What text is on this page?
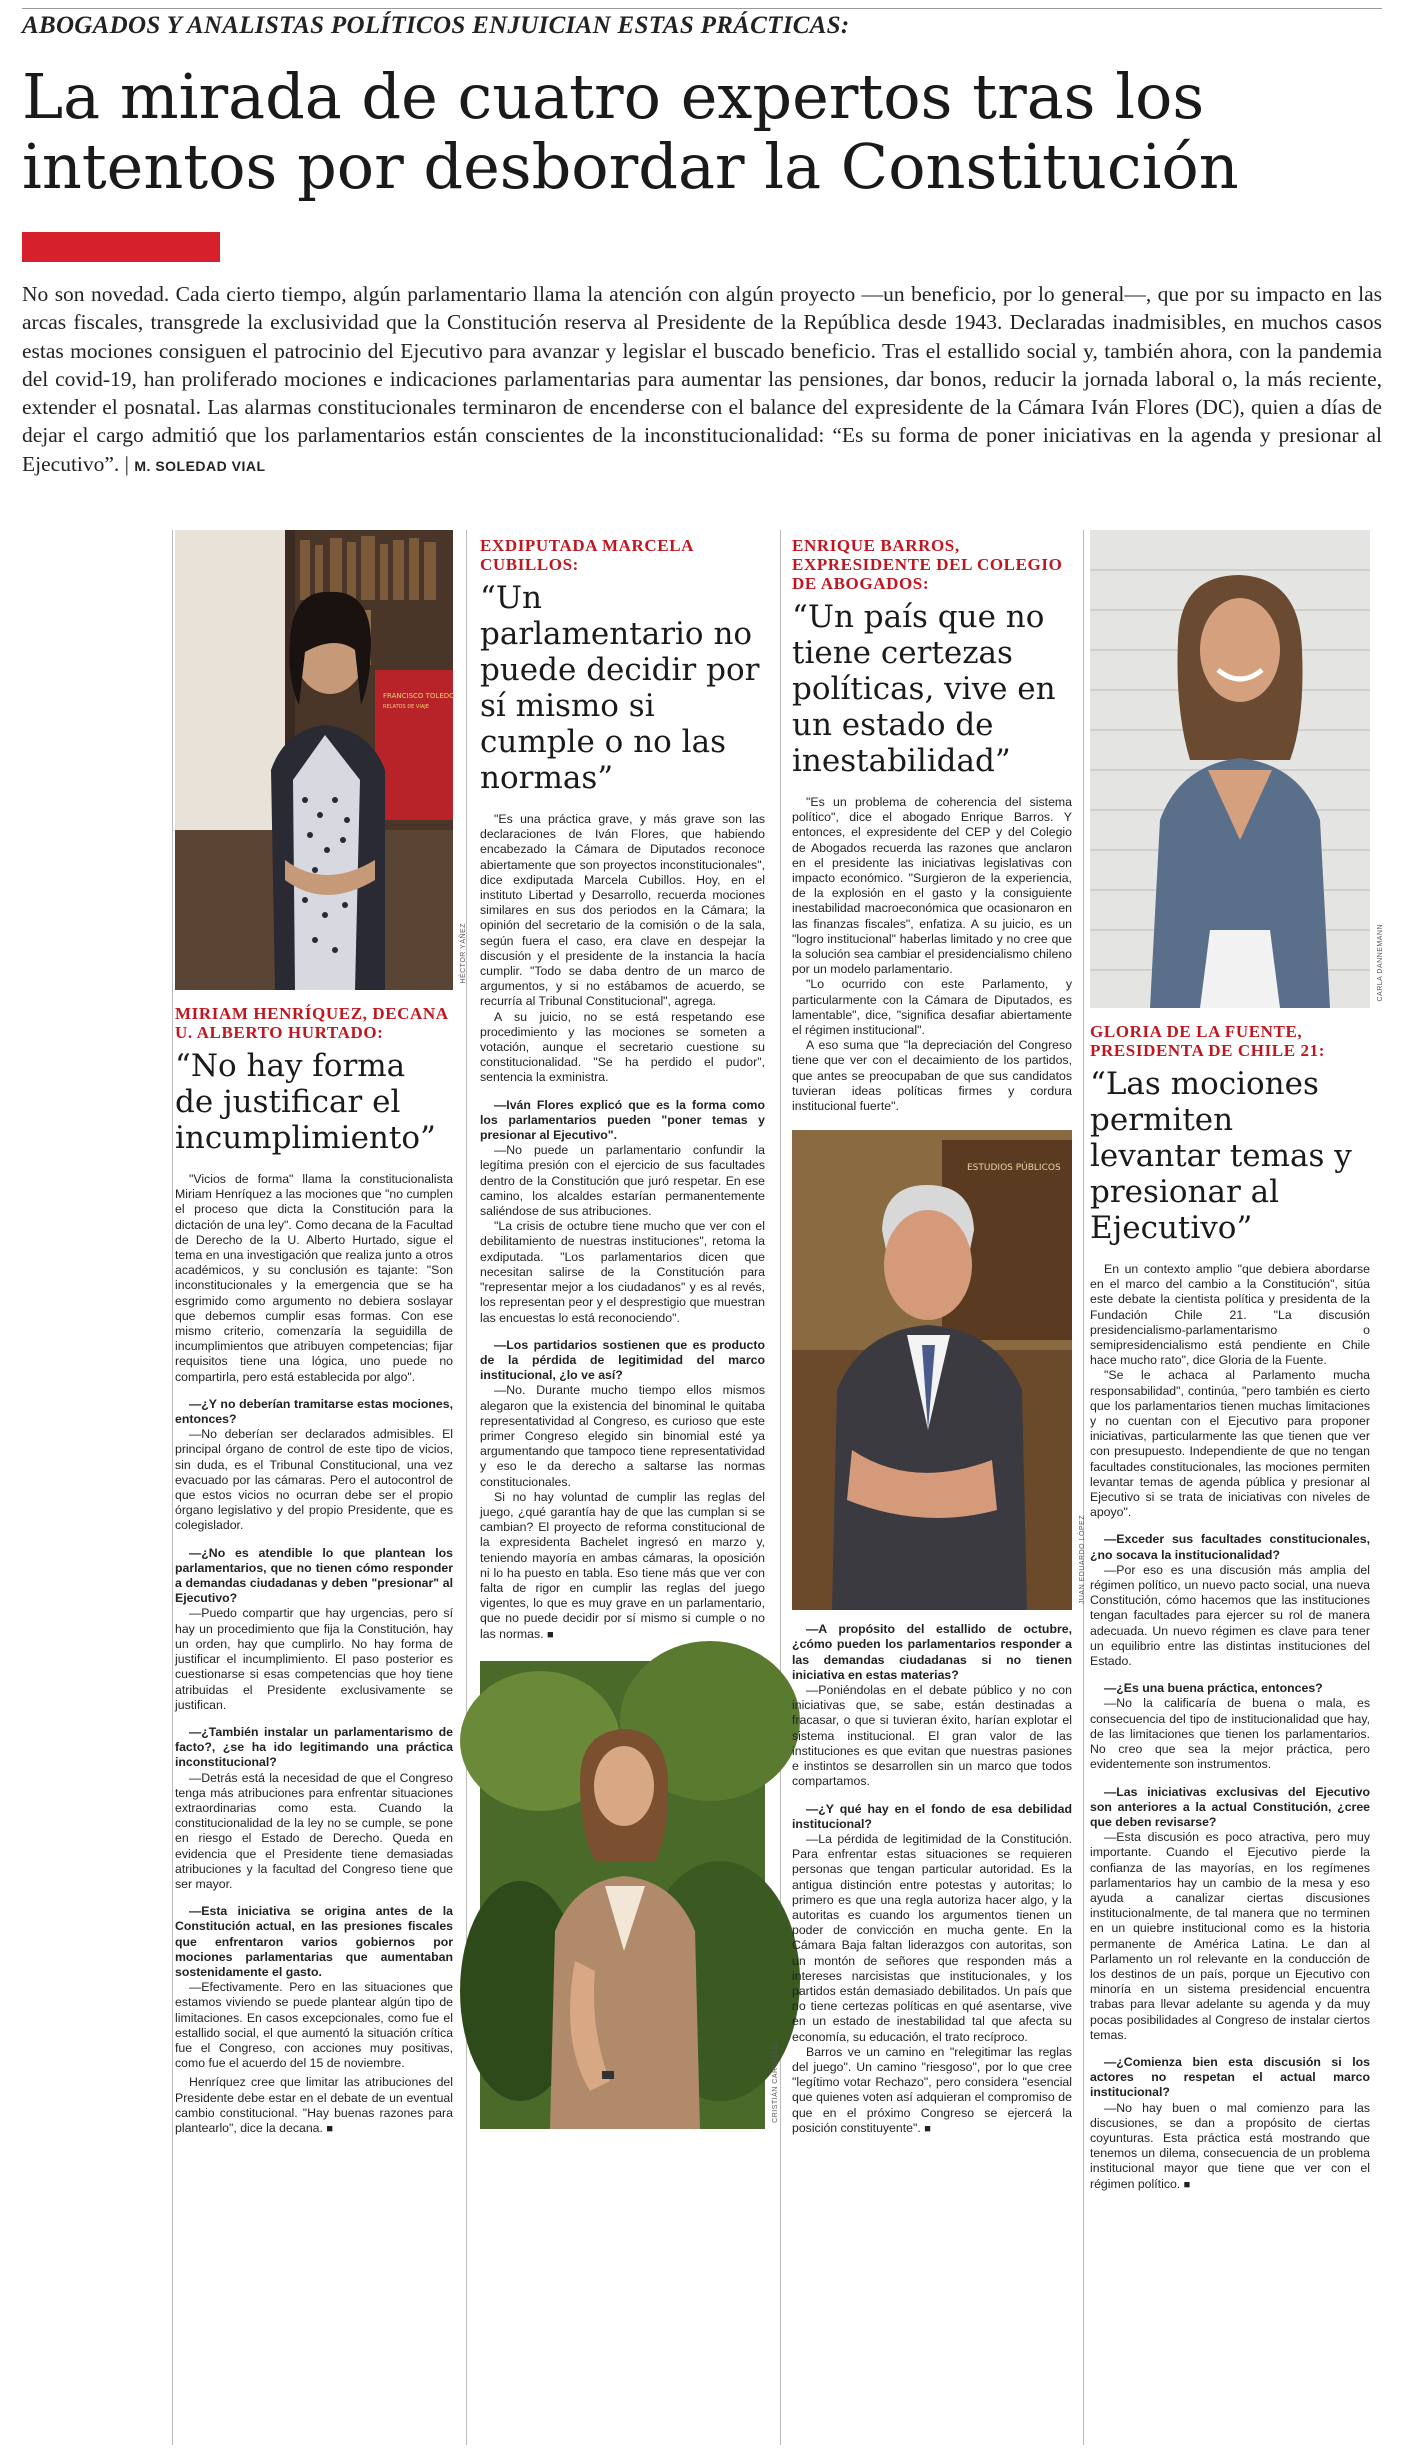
ABOGADOS Y ANALISTAS POLÍTICOS ENJUICIAN ESTAS PRÁCTICAS:
La mirada de cuatro expertos tras los
intentos por desbordar la Constitución
No son novedad. Cada cierto tiempo, algún parlamentario llama la atención con algún proyecto —un beneficio, por lo general—, que por su impacto en las arcas fiscales, transgrede la exclusividad que la Constitución reserva al Presidente de la República desde 1943. Declaradas inadmisibles, en muchos casos estas mociones consiguen el patrocinio del Ejecutivo para avanzar y legislar el buscado beneficio. Tras el estallido social y, también ahora, con la pandemia del covid-19, han proliferado mociones e indicaciones parlamentarias para aumentar las pensiones, dar bonos, reducir la jornada laboral o, la más reciente, extender el posnatal. Las alarmas constitucionales terminaron de encenderse con el balance del expresidente de la Cámara Iván Flores (DC), quien a días de dejar el cargo admitió que los parlamentarios están conscientes de la inconstitucionalidad: “Es su forma de poner iniciativas en la agenda y presionar al Ejecutivo”. | M. SOLEDAD VIAL
FRANCISCO TOLEDO
RELATOS DE VIAJE
HÉCTOR YÁÑEZ
MIRIAM HENRÍQUEZ, DECANA U. ALBERTO HURTADO:
“No hay forma de justificar el incumplimiento”

"Vicios de forma" llama la constitucionalista Miriam Henríquez a las mociones que "no cumplen el proceso que dicta la Constitución para la dictación de una ley". Como decana de la Facultad de Derecho de la U. Alberto Hurtado, sigue el tema en una investigación que realiza junto a otros académicos, y su conclusión es tajante: "Son inconstitucionales y la emergencia que se ha esgrimido como argumento no debiera soslayar que debemos cumplir esas formas. Con ese mismo criterio, comenzaría la seguidilla de incumplimientos que atribuyen competencias; fijar requisitos tiene una lógica, uno puede no compartirla, pero está establecida por algo".

—¿Y no deberían tramitarse estas mociones, entonces?

—No deberían ser declarados admisibles. El principal órgano de control de este tipo de vicios, sin duda, es el Tribunal Constitucional, una vez evacuado por las cámaras. Pero el autocontrol de que estos vicios no ocurran debe ser el propio órgano legislativo y del propio Presidente, que es colegislador.

—¿No es atendible lo que plantean los parlamentarios, que no tienen cómo responder a demandas ciudadanas y deben "presionar" al Ejecutivo?

—Puedo compartir que hay urgencias, pero sí hay un procedimiento que fija la Constitución, hay un orden, hay que cumplirlo. No hay forma de justificar el incumplimiento. El paso posterior es cuestionarse si esas competencias que hoy tiene atribuidas el Presidente exclusivamente se justifican.

—¿También instalar un parlamentarismo de facto?, ¿se ha ido legitimando una práctica inconstitucional?

—Detrás está la necesidad de que el Congreso tenga más atribuciones para enfrentar situaciones extraordinarias como esta. Cuando la constitucionalidad de la ley no se cumple, se pone en riesgo el Estado de Derecho. Queda en evidencia que el Presidente tiene demasiadas atribuciones y la facultad del Congreso tiene que ser mayor.

—Esta iniciativa se origina antes de la Constitución actual, en las presiones fiscales que enfrentaron varios gobiernos por mociones parlamentarias que aumentaban sostenidamente el gasto.

—Efectivamente. Pero en las situaciones que estamos viviendo se puede plantear algún tipo de limitaciones. En casos excepcionales, como fue el estallido social, el que aumentó la situación crítica fue el Congreso, con acciones muy positivas, como fue el acuerdo del 15 de noviembre.

Henríquez cree que limitar las atribuciones del Presidente debe estar en el debate de un eventual cambio constitucional. "Hay buenas razones para plantearlo", dice la decana. ■

EXDIPUTADA MARCELA CUBILLOS:
“Un parlamentario no puede decidir por sí mismo si cumple o no las normas”

"Es una práctica grave, y más grave son las declaraciones de Iván Flores, que habiendo encabezado la Cámara de Diputados reconoce abiertamente que son proyectos inconstitucionales", dice exdiputada Marcela Cubillos. Hoy, en el instituto Libertad y Desarrollo, recuerda mociones similares en sus dos periodos en la Cámara; la opinión del secretario de la comisión o de la sala, según fuera el caso, era clave en despejar la discusión y el presidente de la instancia la hacía cumplir. "Todo se daba dentro de un marco de argumentos, y si no estábamos de acuerdo, se recurría al Tribunal Constitucional", agrega.

A su juicio, no se está respetando ese procedimiento y las mociones se someten a votación, aunque el secretario cuestione su constitucionalidad. "Se ha perdido el pudor", sentencia la exministra.

—Iván Flores explicó que es la forma como los parlamentarios pueden "poner temas y presionar al Ejecutivo".

—No puede un parlamentario confundir la legítima presión con el ejercicio de sus facultades dentro de la Constitución que juró respetar. En ese camino, los alcaldes estarían permanentemente saliéndose de sus atribuciones.

"La crisis de octubre tiene mucho que ver con el debilitamiento de nuestras instituciones", retoma la exdiputada. "Los parlamentarios dicen que necesitan salirse de la Constitución para "representar mejor a los ciudadanos" y es al revés, los representan peor y el desprestigio que muestran las encuestas lo está reconociendo".

—Los partidarios sostienen que es producto de la pérdida de legitimidad del marco institucional, ¿lo ve así?

—No. Durante mucho tiempo ellos mismos alegaron que la existencia del binominal le quitaba representatividad al Congreso, es curioso que este primer Congreso elegido sin binomial esté ya argumentando que tampoco tiene representatividad y eso le da derecho a saltarse las normas constitucionales.

Si no hay voluntad de cumplir las reglas del juego, ¿qué garantía hay de que las cumplan si se cambian? El proyecto de reforma constitucional de la expresidenta Bachelet ingresó en marzo y, teniendo mayoría en ambas cámaras, la oposición ni lo ha puesto en tabla. Eso tiene más que ver con falta de rigor en cumplir las reglas del juego vigentes, lo que es muy grave en un parlamentario, que no puede decidir por sí mismo si cumple o no las normas. ■

CRISTIÁN CARVALLO
ENRIQUE BARROS, EXPRESIDENTE DEL COLEGIO DE ABOGADOS:
“Un país que no tiene certezas políticas, vive en un estado de inestabilidad”

"Es un problema de coherencia del sistema político", dice el abogado Enrique Barros. Y entonces, el expresidente del CEP y del Colegio de Abogados recuerda las razones que anclaron en el presidente las iniciativas legislativas con impacto económico. "Surgieron de la experiencia, de la explosión en el gasto y la consiguiente inestabilidad macroeconómica que ocasionaron en las finanzas fiscales", enfatiza. A su juicio, es un "logro institucional" haberlas limitado y no cree que la solución sea cambiar el presidencialismo chileno por un modelo parlamentario.

"Lo ocurrido con este Parlamento, y particularmente con la Cámara de Diputados, es lamentable", dice, "significa desafiar abiertamente el régimen institucional".

A eso suma que "la depreciación del Congreso tiene que ver con el decaimiento de los partidos, que antes se preocupaban de que sus candidatos tuvieran ideas políticas firmes y cordura institucional fuerte".

ESTUDIOS PÚBLICOS
JUAN EDUARDO LÓPEZ

—A propósito del estallido de octubre, ¿cómo pueden los parlamentarios responder a las demandas ciudadanas si no tienen iniciativa en estas materias?

—Poniéndolas en el debate público y no con iniciativas que, se sabe, están destinadas a fracasar, o que si tuvieran éxito, harían explotar el sistema institucional. El gran valor de las instituciones es que evitan que nuestras pasiones e instintos se desarrollen sin un marco que todos compartamos.

—¿Y qué hay en el fondo de esa debilidad institucional?

—La pérdida de legitimidad de la Constitución. Para enfrentar estas situaciones se requieren personas que tengan particular autoridad. Es la antigua distinción entre potestas y autoritas; lo primero es que una regla autoriza hacer algo, y la autoritas es cuando los argumentos tienen un poder de convicción en mucha gente. En la Cámara Baja faltan liderazgos con autoritas, son un montón de señores que responden más a intereses narcisistas que institucionales, y los partidos están demasiado debilitados. Un país que no tiene certezas políticas en qué asentarse, vive en un estado de inestabilidad tal que afecta su economía, su educación, el trato recíproco.

Barros ve un camino en "relegitimar las reglas del juego". Un camino "riesgoso", por lo que cree "legítimo votar Rechazo", pero considera "esencial que quienes voten así adquieran el compromiso de que en el próximo Congreso se ejercerá la posición constituyente". ■

CARLA DANNEMANN
GLORIA DE LA FUENTE, PRESIDENTA DE CHILE 21:
“Las mociones permiten levantar temas y presionar al Ejecutivo”

En un contexto amplio "que debiera abordarse en el marco del cambio a la Constitución", sitúa este debate la cientista política y presidenta de la Fundación Chile 21. "La discusión presidencialismo-parlamentarismo o semipresidencialismo está pendiente en Chile hace mucho rato", dice Gloria de la Fuente.

"Se le achaca al Parlamento mucha responsabilidad", continúa, "pero también es cierto que los parlamentarios tienen muchas limitaciones y no cuentan con el Ejecutivo para proponer iniciativas, particularmente las que tienen que ver con presupuesto. Independiente de que no tengan facultades constitucionales, las mociones permiten levantar temas de agenda pública y presionar al Ejecutivo si se trata de iniciativas con niveles de apoyo".

—Exceder sus facultades constitucionales, ¿no socava la institucionalidad?

—Por eso es una discusión más amplia del régimen político, un nuevo pacto social, una nueva Constitución, cómo hacemos que las instituciones tengan facultades para ejercer su rol de manera adecuada. Un nuevo régimen es clave para tener un equilibrio entre las distintas instituciones del Estado.

—¿Es una buena práctica, entonces?

—No la calificaría de buena o mala, es consecuencia del tipo de institucionalidad que hay, de las limitaciones que tienen los parlamentarios. No creo que sea la mejor práctica, pero evidentemente son instrumentos.

—Las iniciativas exclusivas del Ejecutivo son anteriores a la actual Constitución, ¿cree que deben revisarse?

—Esta discusión es poco atractiva, pero muy importante. Cuando el Ejecutivo pierde la confianza de las mayorías, en los regímenes parlamentarios hay un cambio de la mesa y eso ayuda a canalizar ciertas discusiones institucionalmente, de tal manera que no terminen en un quiebre institucional como es la historia permanente de América Latina. Le dan al Parlamento un rol relevante en la conducción de los destinos de un país, porque un Ejecutivo con minoría en un sistema presidencial encuentra trabas para llevar adelante su agenda y da muy pocas posibilidades al Congreso de instalar ciertos temas.

—¿Comienza bien esta discusión si los actores no respetan el actual marco institucional?

—No hay buen o mal comienzo para las discusiones, se dan a propósito de ciertas coyunturas. Esta práctica está mostrando que tenemos un dilema, consecuencia de un problema institucional mayor que tiene que ver con el régimen político. ■
